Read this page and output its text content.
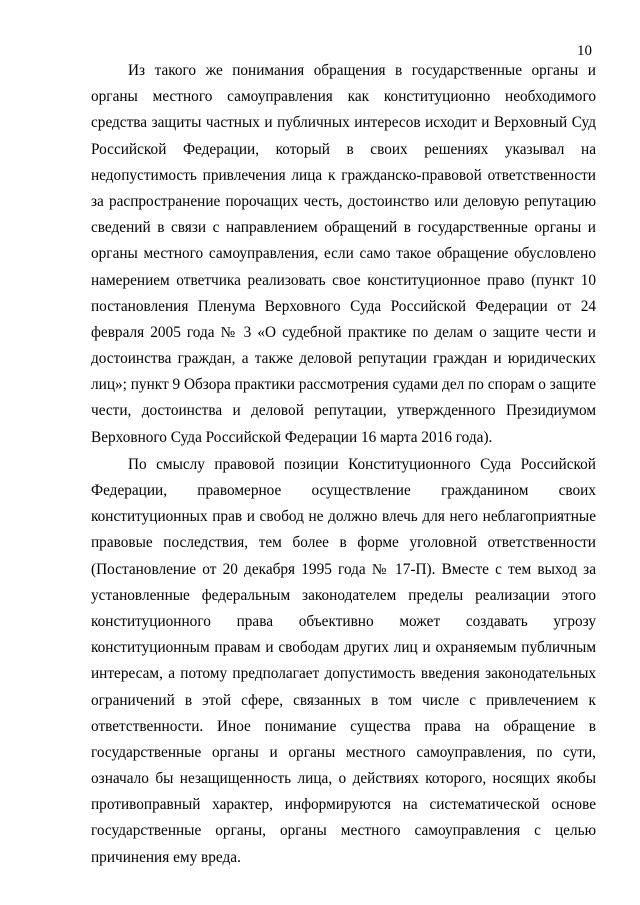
10
Из такого же понимания обращения в государственные органы и
органы местного самоуправления как конституционно необходимого
средства защиты частных и публичных интересов исходит и Верховный Суд
Российской Федерации, который в своих решениях указывал на
недопустимость привлечения лица к гражданско-правовой ответственности
за распространение порочащих честь, достоинство или деловую репутацию
сведений в связи с направлением обращений в государственные органы и
органы местного самоуправления, если само такое обращение обусловлено
намерением ответчика реализовать свое конституционное право (пункт 10
постановления Пленума Верховного Суда Российской Федерации от 24
февраля 2005 года № 3 «О судебной практике по делам о защите чести и
достоинства граждан, а также деловой репутации граждан и юридических
лиц»; пункт 9 Обзора практики рассмотрения судами дел по спорам о защите
чести, достоинства и деловой репутации, утвержденного Президиумом
Верховного Суда Российской Федерации 16 марта 2016 года).
По смыслу правовой позиции Конституционного Суда Российской
Федерации, правомерное осуществление гражданином своих
конституционных прав и свобод не должно влечь для него неблагоприятные
правовые последствия, тем более в форме уголовной ответственности
(Постановление от 20 декабря 1995 года № 17-П). Вместе с тем выход за
установленные федеральным законодателем пределы реализации этого
конституционного права объективно может создавать угрозу
конституционным правам и свободам других лиц и охраняемым публичным
интересам, а потому предполагает допустимость введения законодательных
ограничений в этой сфере, связанных в том числе с привлечением к
ответственности. Иное понимание существа права на обращение в
государственные органы и органы местного самоуправления, по сути,
означало бы незащищенность лица, о действиях которого, носящих якобы
противоправный характер, информируются на систематической основе
государственные органы, органы местного самоуправления с целью
причинения ему вреда.
